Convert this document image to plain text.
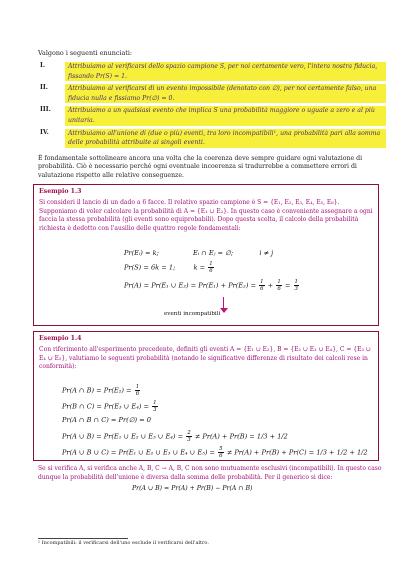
Valgono i seguenti enunciati:
I.	Attribuiamo al verificarsi dello spazio campione S, per noi certamente vero, l'intera nostra fiducia, fissando Pr(S) = 1.
II.	Attribuiamo al verificarsi di un evento impossibile (denotato con ∅), per noi certamente falso, una fiducia nulla e fissiamo Pr(∅) = 0.
III.	Attribuiamo a un qualsiasi evento che implica S una probabilità maggiore o uguale a zero e al più unitaria.
IV.	Attribuiamo all'unione di (due o più) eventi, tra loro incompatibili¹, una probabilità pari alla somma delle probabilità attribuite ai singoli eventi.
È fondamentale sottolineare ancora una volta che la coerenza deve sempre guidare ogni valutazione di probabilità. Ciò è necessario perché ogni eventuale incoerenza si tradurrebbe a commettere errori di valutazione rispetto alle relative conseguenze.
Esempio 1.3
Si consideri il lancio di un dado a 6 facce. Il relativo spazio campione è S = {E₁, E₂, E₃, E₄, E₅, E₆}. Supponiamo di voler calcolare la probabilità di A = {E₁ ∪ E₂}. In questo caso è conveniente assegnare a ogni faccia la stessa probabilità (gli eventi sono equiprobabili). Dopo questa scelta, il calcolo della probabilità richiesta è dedotto con l'ausilio delle quattro regole fondamentali:
Pr(Eᵢ) = k;	Eᵢ ∩ Eⱼ = ∅;	i ≠ j
Pr(S) = 6k = 1;	$k = \frac{1}{6}$
Pr(A) = Pr(E₁ ∪ $E_2) = Pr(E_1) + Pr(E_2) = \frac{1}{6} + \frac{1}{6} = \frac{1}{3}$
eventi incompatibili
Esempio 1.4
Con riferimento all'esperimento precedente, definiti gli eventi A = {E₁ ∪ E₂}, B = {E₂ ∪ E₃ ∪ E₄}, C = {E₃ ∪ E₄ ∪ E₅}, valutiamo le seguenti probabilità (notando le significative differenze di risultato dei calcoli rese in conformità):
Pr(A ∩ $B) = Pr(E_2) = \frac{1}{6}$
Pr(B ∩ C) = Pr(E₃ ∪ $E_4) = \frac{1}{3}$
Pr(A ∩ B ∩ C) = Pr(∅) = 0
Pr(A ∪ B) = Pr(E₁ ∪ E₂ ∪ E₃ ∪ $E_4) = \frac{2}{3} \ne Pr(A) + Pr(B) = 1/3 + 1/2$
Pr(A ∪ B ∪ C) = Pr(E₁ ∪ E₂ ∪ E₃ ∪ E₄ ∪ $E_5) = \frac{5}{6} \ne Pr(A) + Pr(B) + Pr(C) = 1/3 + 1/2 + 1/2$
Se si verifica A, si verifica anche A, B, C → A, B, C non sono mutuamente esclusivi (incompatibili). In questo caso dunque la probabilità dell'unione è diversa dalla somma delle probabilità. Per il generico si dice:
Pr(A ∪ B) = Pr(A) + Pr(B) − Pr(A ∩ B)
¹ Incompatibili: il verificarsi dell'uno esclude il verificarsi dell'altro.
